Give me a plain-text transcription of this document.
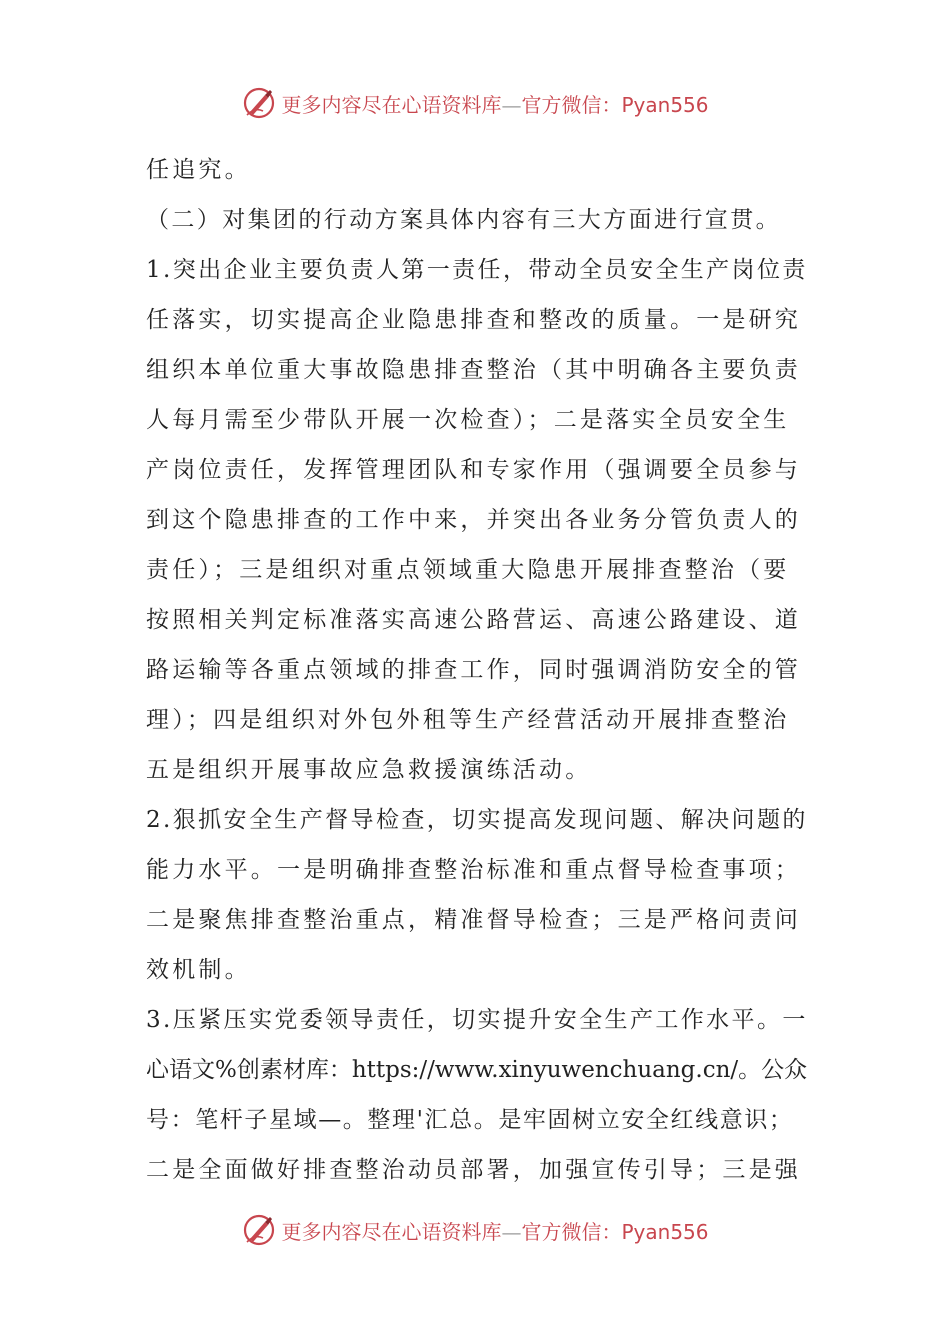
更多内容尽在心语资料库—官方微信：Pyan556
任追究。
（二）对集团的行动方案具体内容有三大方面进行宣贯。
1.突出企业主要负责人第一责任，带动全员安全生产岗位责
任落实，切实提高企业隐患排查和整改的质量。一是研究
组织本单位重大事故隐患排查整治（其中明确各主要负责
人每月需至少带队开展一次检查）；二是落实全员安全生
产岗位责任，发挥管理团队和专家作用（强调要全员参与
到这个隐患排查的工作中来，并突出各业务分管负责人的
责任）；三是组织对重点领域重大隐患开展排查整治（要
按照相关判定标准落实高速公路营运、高速公路建设、道
路运输等各重点领域的排查工作，同时强调消防安全的管
理）；四是组织对外包外租等生产经营活动开展排查整治
五是组织开展事故应急救援演练活动。
2.狠抓安全生产督导检查，切实提高发现问题、解决问题的
能力水平。一是明确排查整治标准和重点督导检查事项；
二是聚焦排查整治重点，精准督导检查；三是严格问责问
效机制。
3.压紧压实党委领导责任，切实提升安全生产工作水平。一
心语文%创素材库：https://www.xinyuwenchuang.cn/。公众
号：笔杆子星域—。整理'汇总。是牢固树立安全红线意识；
二是全面做好排查整治动员部署，加强宣传引导；三是强
更多内容尽在心语资料库—官方微信：Pyan556
